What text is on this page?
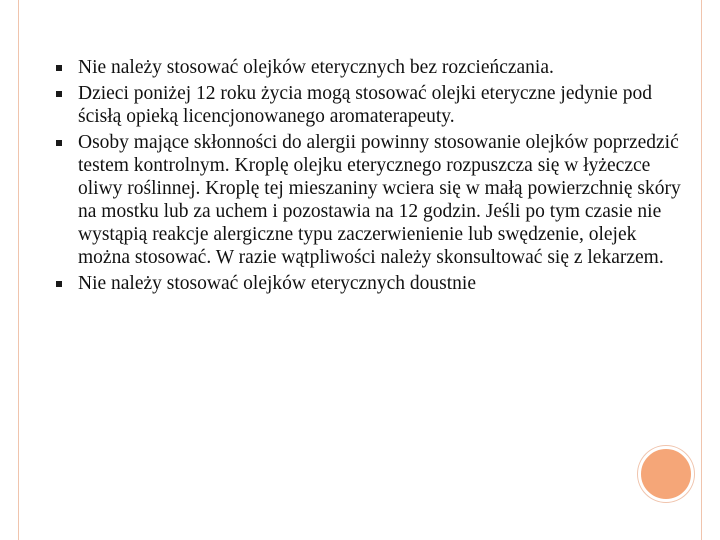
Nie należy stosować olejków eterycznych bez rozcieńczania.
Dzieci poniżej 12 roku życia mogą stosować olejki eteryczne jedynie pod ścisłą opieką licencjonowanego aromaterapeuty.
Osoby mające skłonności do alergii powinny stosowanie olejków poprzedzić testem kontrolnym. Kroplę olejku eterycznego rozpuszcza się w łyżeczce oliwy roślinnej. Kroplę tej mieszaniny wciera się w małą powierzchnię skóry na mostku lub za uchem i pozostawia na 12 godzin. Jeśli po tym czasie nie wystąpią reakcje alergiczne typu zaczerwienienie lub swędzenie, olejek można stosować. W razie wątpliwości należy skonsultować się z lekarzem.
Nie należy stosować olejków eterycznych doustnie
